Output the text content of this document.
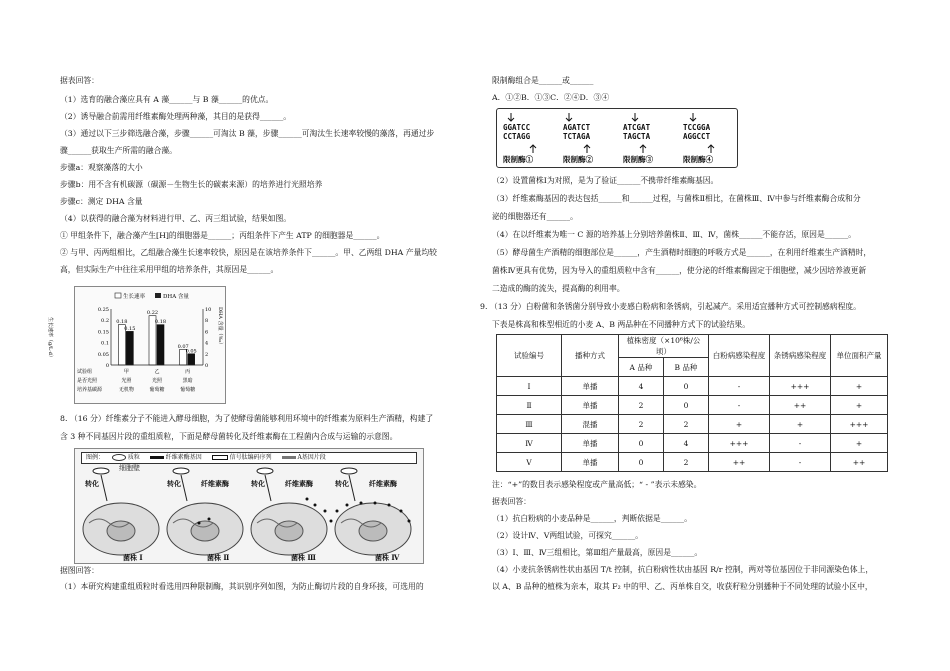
据表回答：
（1）选育的融合藻应具有 A 藻______与 B 藻______的优点。
（2）诱导融合前需用纤维素酶处理两种藻，其目的是获得______。
（3）通过以下三步筛选融合藻，步骤______可淘汰 B 藻，步骤______可淘汰生长速率较慢的藻落，再通过步
骤______获取生产所需的融合藻。
步骤a：观察藻落的大小
步骤b：用不含有机碳源（碳源－生物生长的碳素来源）的培养进行光照培养
步骤c：测定 DHA 含量
（4）以获得的融合藻为材料进行甲、乙、丙三组试验，结果如图。
① 甲组条件下，融合藻产生[H]的细胞器是______；丙组条件下产生 ATP 的细胞器是______。
② 与甲、丙两组相比，乙组融合藻生长速率较快，原因是在该培养条件下______。甲、乙两组 DHA 产量均较
高，但实际生产中往往采用甲组的培养条件，其原因是______。
生长速率	DHA 含量
生长速率（g/L·d）	DHA 含量（‰）
0.25
0.2
0.15
0.1
0.05
0
10
8
6
4
2
0
0.18
0.15
0.22
0.18
0.07
0.05
试验组
是否光照
培养基碳源
甲
光照
无机物
乙
光照
葡萄糖
丙
黑暗
葡萄糖
8. （16 分）纤维素分子不能进入酵母细胞，为了使酵母菌能够利用环境中的纤维素为原料生产酒精，构建了
含 3 种不同基因片段的重组质粒，下面是酵母菌转化及纤维素酶在工程菌内合成与运输的示意图。
图例：	质粒	纤维素酶基因	信号肽编码序列	A基因片段
转化
细胞壁
转化	纤维素酶	转化	纤维素酶	转化	纤维素酶
菌株 Ⅰ	菌株 Ⅱ	菌株 Ⅲ	菌株 Ⅳ
据图回答：
（1）本研究构建重组质粒时看选用四种限制酶，其识别序列如图，为防止酶切片段的自身环接，可选用的
限制酶组合是______或______
A．①②B．①③C．②④D．③④
GGATCC
CCTAGG
AGATCT
TCTAGA
ATCGAT
TAGCTA
TCCGGA
AGGCCT
限制酶①	限制酶②	限制酶③	限制酶④
（2）设置菌株Ⅰ为对照，是为了验证______不携带纤维素酶基因。
（3）纤维素酶基因的表达包括______和______过程，与菌株Ⅱ相比，在菌株Ⅲ、Ⅳ中参与纤维素酶合成和分
泌的细胞器还有______。
（4）在以纤维素为唯一 C 源的培养基上分别培养菌株Ⅱ、Ⅲ、Ⅳ，菌株______不能存活，原因是______。
（5）酵母菌生产酒精的细胞部位是______，产生酒精时细胞的呼吸方式是______，在利用纤维素生产酒精时，
菌株Ⅳ更具有优势，因为导入的重组质粒中含有______，使分泌的纤维素酶固定于细胞壁，减少因培养液更新
二造成的酶的流失，提高酶的利用率。
9. （13 分）白粉菌和条锈菌分别导致小麦感白粉病和条锈病，引起减产。采用适宜播种方式可控制感病程度。
下表是株高和株型相近的小麦 A、B 两品种在不同播种方式下的试验结果。
试验编号	播种方式	植株密度（×10⁶株/公顷）		白粉病感染程度	条锈病感染程度	单位面积产量
		A 品种	B 品种			
Ⅰ	单播	4	0	-	+++	+
Ⅱ	单播	2	0	-	++	+
Ⅲ	混播	2	2	+	+	+++
Ⅳ	单播	0	4	+++	-	+
Ⅴ	单播	0	2	++	-	++
注：“+”的数目表示感染程度或产量高低；“ - ”表示未感染。
据表回答：
（1）抗白粉病的小麦品种是______，判断依据是______。
（2）设计Ⅳ、Ⅴ两组试验，可探究______。
（3）Ⅰ、Ⅲ、Ⅳ三组相比，第Ⅲ组产量最高，原因是______。
（4）小麦抗条锈病性状由基因 T/t 控制，抗白粉病性状由基因 R/r 控制，两对等位基因位于非同源染色体上，
以 A、B 品种的植株为亲本，取其 F₂ 中的甲、乙、丙单株自交，收获籽粒分别播种于不同处理的试验小区中，
